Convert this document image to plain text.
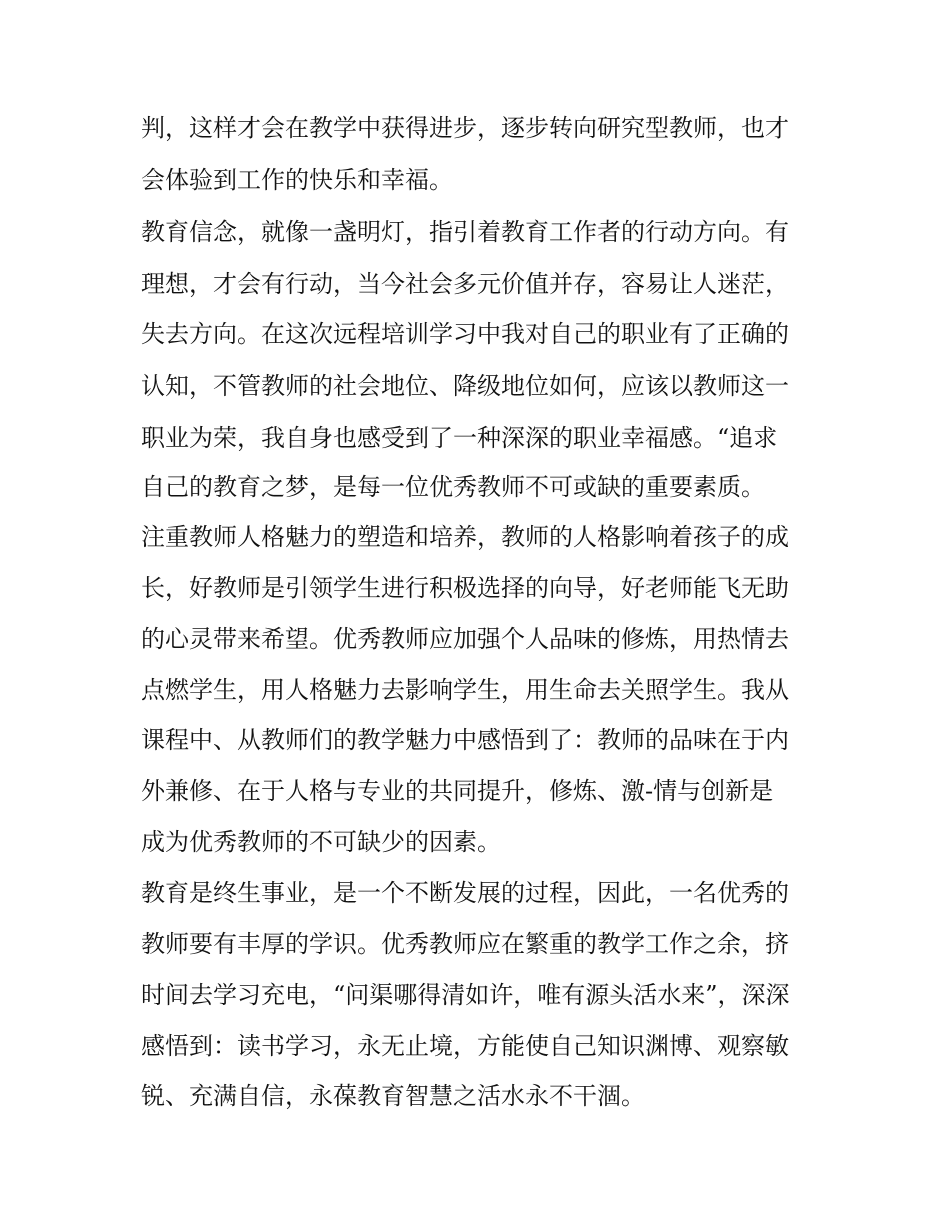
判，这样才会在教学中获得进步，逐步转向研究型教师，也才
会体验到工作的快乐和幸福。
教育信念，就像一盏明灯，指引着教育工作者的行动方向。有
理想，才会有行动，当今社会多元价值并存，容易让人迷茫，
失去方向。在这次远程培训学习中我对自己的职业有了正确的
认知，不管教师的社会地位、降级地位如何，应该以教师这一
职业为荣，我自身也感受到了一种深深的职业幸福感。“追求
自己的教育之梦，是每一位优秀教师不可或缺的重要素质。
注重教师人格魅力的塑造和培养，教师的人格影响着孩子的成
长，好教师是引领学生进行积极选择的向导，好老师能飞无助
的心灵带来希望。优秀教师应加强个人品味的修炼，用热情去
点燃学生，用人格魅力去影响学生，用生命去关照学生。我从
课程中、从教师们的教学魅力中感悟到了：教师的品味在于内
外兼修、在于人格与专业的共同提升，修炼、激-情与创新是
成为优秀教师的不可缺少的因素。
教育是终生事业，是一个不断发展的过程，因此，一名优秀的
教师要有丰厚的学识。优秀教师应在繁重的教学工作之余，挤
时间去学习充电，“问渠哪得清如许，唯有源头活水来”，深深
感悟到：读书学习，永无止境，方能使自己知识渊博、观察敏
锐、充满自信，永葆教育智慧之活水永不干涸。
